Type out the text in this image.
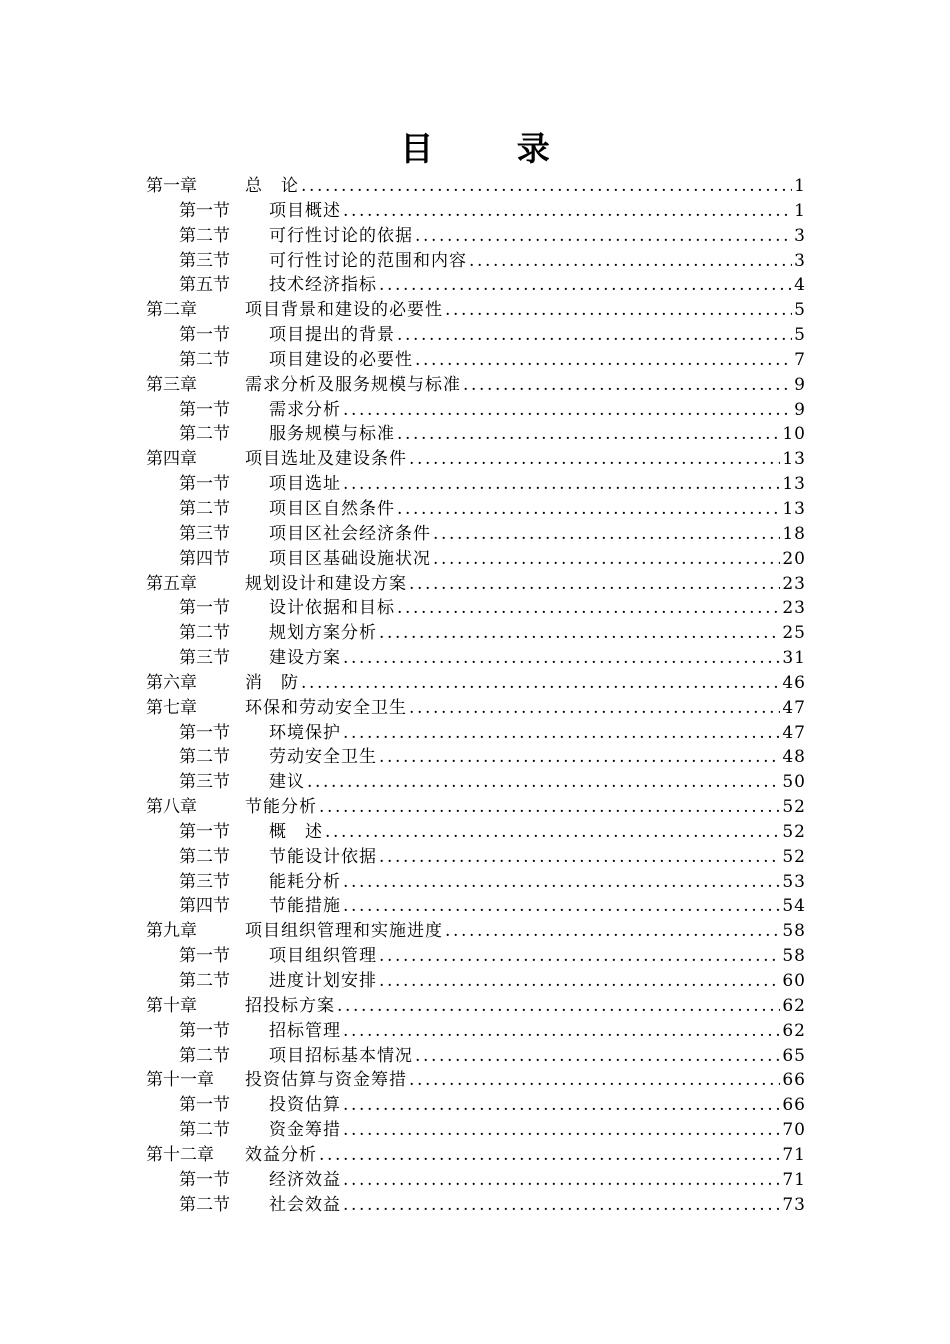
目 录
第一章	总　论 .....	1
第一节	项目概述 .....	1
第二节	可行性讨论的依据 .....	3
第三节	可行性讨论的范围和内容 .....	3
第五节	技术经济指标 .....	4
第二章	项目背景和建设的必要性 .....	5
第一节	项目提出的背景 .....	5
第二节	项目建设的必要性 .....	7
第三章	需求分析及服务规模与标准 .....	9
第一节	需求分析 .....	9
第二节	服务规模与标准 .....	10
第四章	项目选址及建设条件 .....	13
第一节	项目选址 .....	13
第二节	项目区自然条件 .....	13
第三节	项目区社会经济条件 .....	18
第四节	项目区基础设施状况 .....	20
第五章	规划设计和建设方案 .....	23
第一节	设计依据和目标 .....	23
第二节	规划方案分析 .....	25
第三节	建设方案 .....	31
第六章	消　防 .....	46
第七章	环保和劳动安全卫生 .....	47
第一节	环境保护 .....	47
第二节	劳动安全卫生 .....	48
第三节	建议 .....	50
第八章	节能分析 .....	52
第一节	概　述 .....	52
第二节	节能设计依据 .....	52
第三节	能耗分析 .....	53
第四节	节能措施 .....	54
第九章	项目组织管理和实施进度 .....	58
第一节	项目组织管理 .....	58
第二节	进度计划安排 .....	60
第十章	招投标方案 .....	62
第一节	招标管理 .....	62
第二节	项目招标基本情况 .....	65
第十一章	投资估算与资金筹措 .....	66
第一节	投资估算 .....	66
第二节	资金筹措 .....	70
第十二章	效益分析 .....	71
第一节	经济效益 .....	71
第二节	社会效益 .....	73
